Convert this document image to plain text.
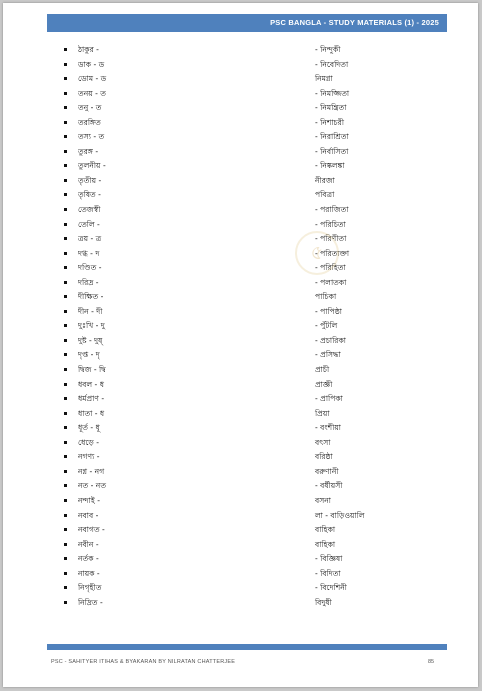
PSC BANGLA - STUDY MATERIALS (1) - 2025
ঠাকুর -	- নিন্দুকী
ডাক - ড	- নিবেদিতা
ডোম - ড	নিমগ্না
তনয় - ত	- নিমজ্জিতা
তনু - ত	- নিমন্ত্রিতা
তরঙ্গিত	- নিশাচরী
তস্য - ত	- নিরাশ্রিতা
তুরঙ্গ -	- নির্বাসিতা
তুলনীয় -	- নিষ্কলঙ্কা
তৃতীয় -	নীরজা
তৃষিত -	পবিত্রা
তেজস্বী	- পরাজিতা
তেলি -	- পরিচিতা
ত্রয় - ত্র	- পরিণীতা
দগ্ধ - দ	- পরিত্যক্তা
দণ্ডিত -	- পরিহিতা
দরিদ্র -	- পলাতকা
দীক্ষিত -	পাচিকা
দীন - দী	- পাপিষ্ঠা
দুঃখি - দু	- পুঁটলি
দুষ্ট - দুষ্	- প্রচারিকা
দৃপ্ত - দৃ	- প্রসিদ্ধা
দ্বিজ - দ্বি	প্রাচী
ধবল - ধ	প্রাজ্ঞী
ধর্মপ্রাণ -	- প্রাপিকা
ধাতা - ধ	প্রিয়া
ধূর্ত - ধূ	- বংশীয়া
ধেড়ে -	বৎসা
নগণ্য -	বরিষ্ঠা
নগ্ন - নগ	বরুণানী
নত - নত	- বর্ষীয়সী
নন্দাই -	বসনা
নবাব -	লা - বাড়িওয়ালি
নবাগত -	বাহিকা
নবীন -	বাহিকা
নর্তক -	- বিজ্ঞিষা
নায়ক -	- বিদিতা
নিগৃহীত	- বিদেশিনী
নিদ্রিত -	বিদুষী
৫
PSC - SAHITYER ITIHAS & BYAKARAN BY NILRATAN CHATTERJEE	85
